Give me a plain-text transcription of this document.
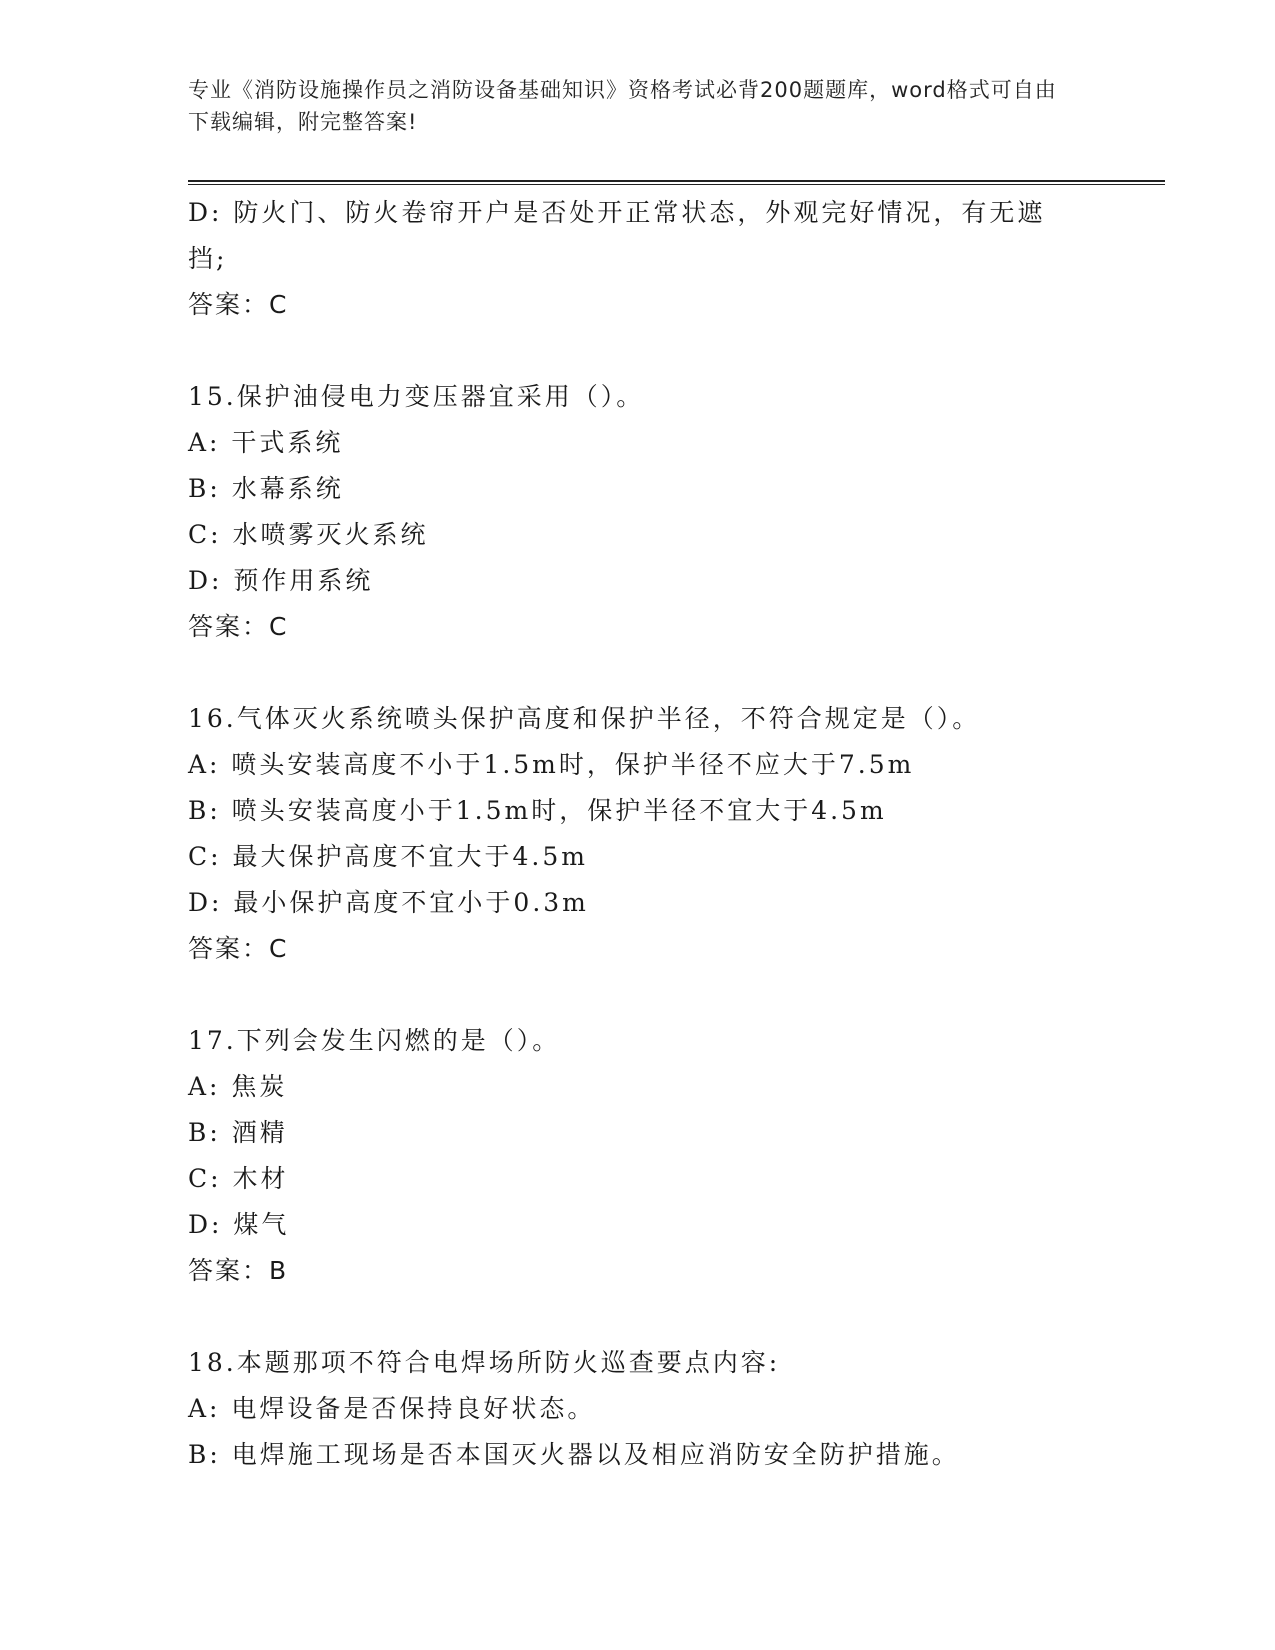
专业《消防设施操作员之消防设备基础知识》资格考试必背200题题库，word格式可自由下载编辑，附完整答案!
D: 防火门、防火卷帘开户是否处开正常状态，外观完好情况，有无遮挡;
答案：C
15.保护油侵电力变压器宜采用（）。
A: 干式系统
B: 水幕系统
C: 水喷雾灭火系统
D: 预作用系统
答案：C
16.气体灭火系统喷头保护高度和保护半径，不符合规定是（）。
A: 喷头安装高度不小于1.5m时，保护半径不应大于7.5m
B: 喷头安装高度小于1.5m时，保护半径不宜大于4.5m
C: 最大保护高度不宜大于4.5m
D: 最小保护高度不宜小于0.3m
答案：C
17.下列会发生闪燃的是（）。
A: 焦炭
B: 酒精
C: 木材
D: 煤气
答案：B
18.本题那项不符合电焊场所防火巡查要点内容:
A: 电焊设备是否保持良好状态。
B: 电焊施工现场是否本国灭火器以及相应消防安全防护措施。
